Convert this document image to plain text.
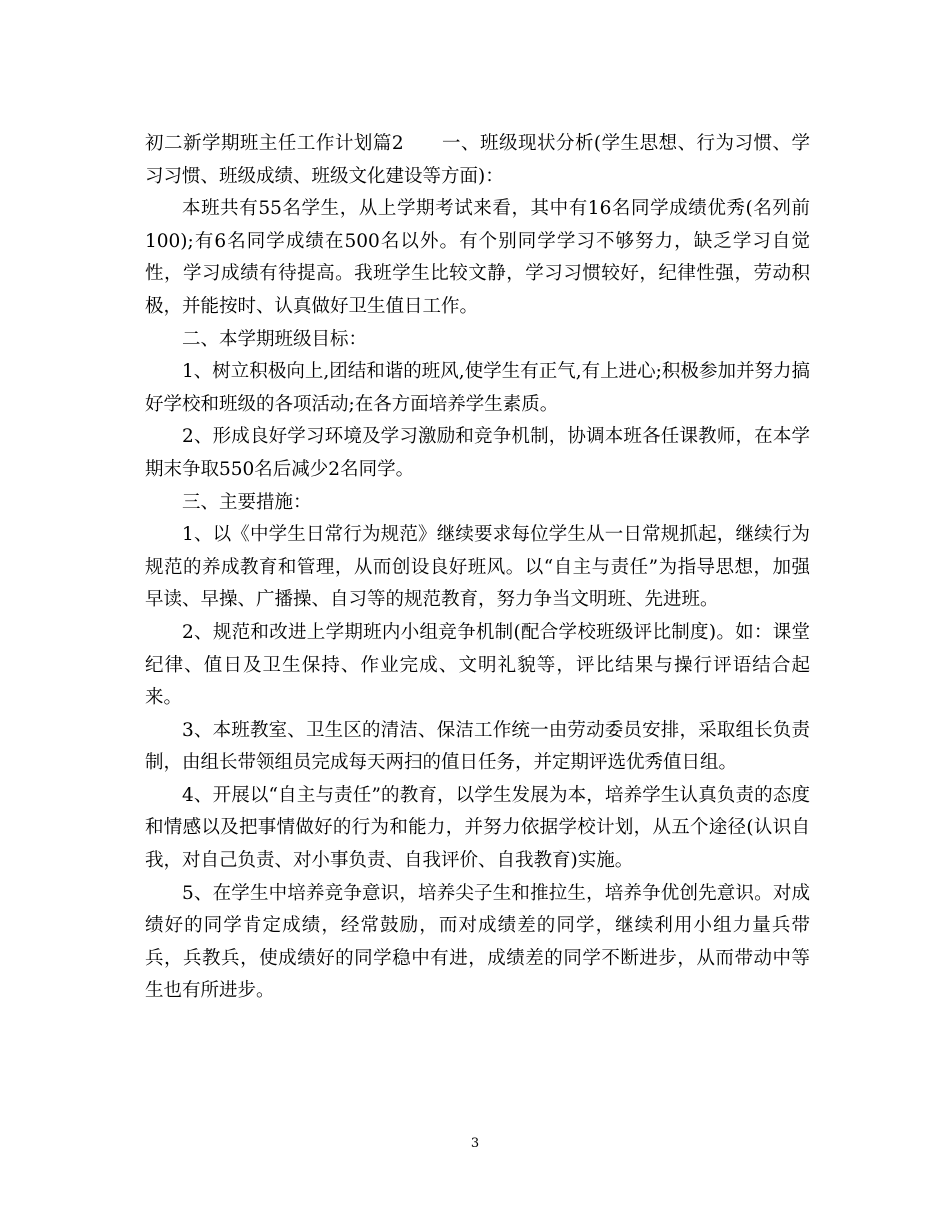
初二新学期班主任工作计划篇2　　一、班级现状分析(学生思想、行为习惯、学习习惯、班级成绩、班级文化建设等方面)：

本班共有55名学生，从上学期考试来看，其中有16名同学成绩优秀(名列前100);有6名同学成绩在500名以外。有个别同学学习不够努力，缺乏学习自觉性，学习成绩有待提高。我班学生比较文静，学习习惯较好，纪律性强，劳动积极，并能按时、认真做好卫生值日工作。

二、本学期班级目标：

1、树立积极向上,团结和谐的班风,使学生有正气,有上进心;积极参加并努力搞好学校和班级的各项活动;在各方面培养学生素质。

2、形成良好学习环境及学习激励和竞争机制，协调本班各任课教师，在本学期末争取550名后减少2名同学。

三、主要措施：

1、以《中学生日常行为规范》继续要求每位学生从一日常规抓起，继续行为规范的养成教育和管理，从而创设良好班风。以“自主与责任”为指导思想，加强早读、早操、广播操、自习等的规范教育，努力争当文明班、先进班。

2、规范和改进上学期班内小组竞争机制(配合学校班级评比制度)。如：课堂纪律、值日及卫生保持、作业完成、文明礼貌等，评比结果与操行评语结合起来。

3、本班教室、卫生区的清洁、保洁工作统一由劳动委员安排，采取组长负责制，由组长带领组员完成每天两扫的值日任务，并定期评选优秀值日组。

4、开展以“自主与责任”的教育，以学生发展为本，培养学生认真负责的态度和情感以及把事情做好的行为和能力，并努力依据学校计划，从五个途径(认识自我，对自己负责、对小事负责、自我评价、自我教育)实施。

5、在学生中培养竞争意识，培养尖子生和推拉生，培养争优创先意识。对成绩好的同学肯定成绩，经常鼓励，而对成绩差的同学，继续利用小组力量兵带兵，兵教兵，使成绩好的同学稳中有进，成绩差的同学不断进步，从而带动中等生也有所进步。

3
